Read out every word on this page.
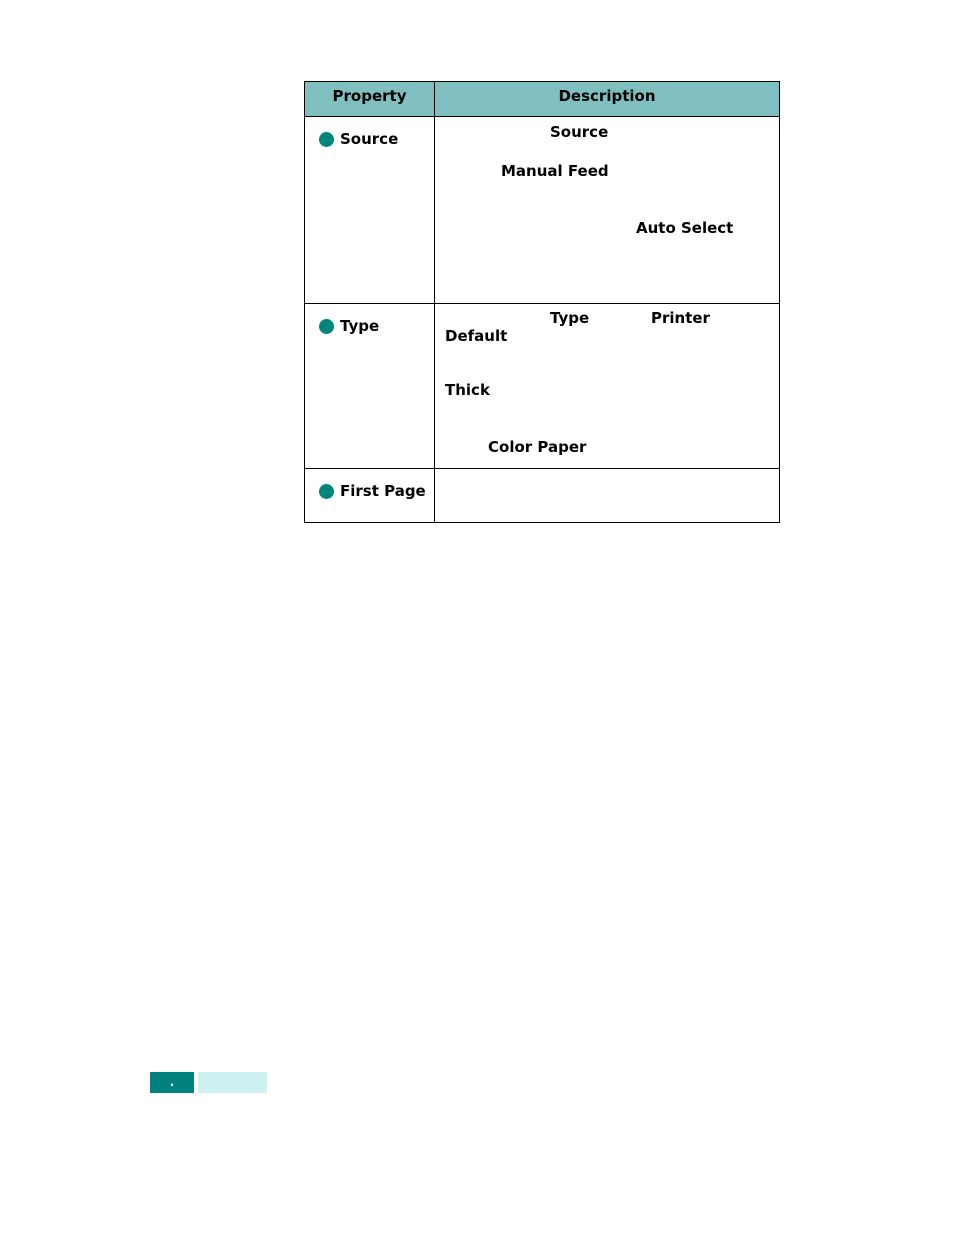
Property	Description
Source	Source
Manual Feed
Auto Select
Type	Type	Printer
Default
Thick
Color Paper
First Page
.
